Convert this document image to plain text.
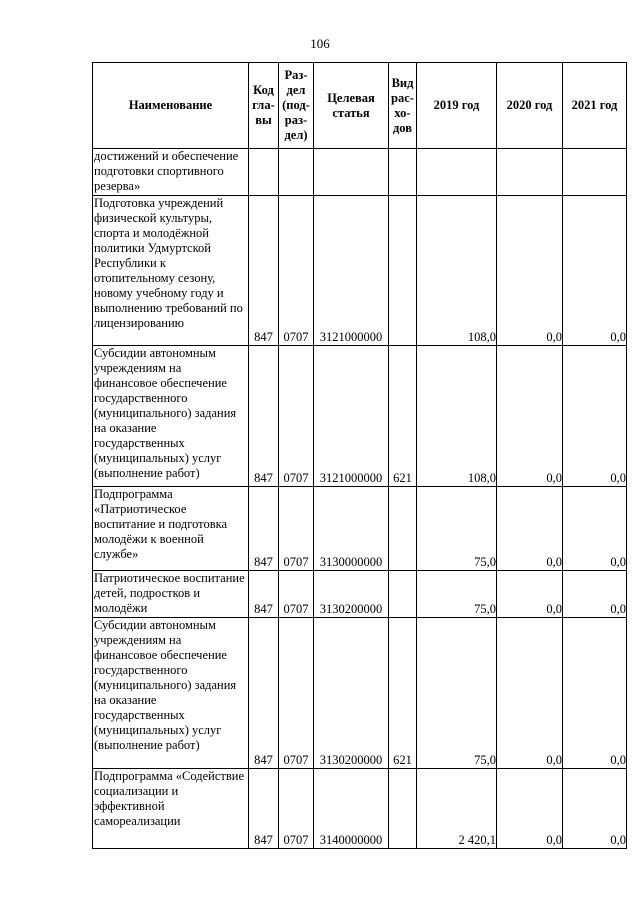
106
Наименование	Код гла-вы	Раз-дел (под-раз-дел)	Целевая статья	Вид рас-хо-дов	2019 год	2020 год	2021 год
достижений и обеспечение подготовки спортивного резерва»							
Подготовка учреждений физической культуры, спорта и молодёжной политики Удмуртской Республики к отопительному сезону, новому учебному году и выполнению требований по лицензированию	847	0707	3121000000		108,0	0,0	0,0
Субсидии автономным учреждениям на финансовое обеспечение государственного (муниципального) задания на оказание государственных (муниципальных) услуг (выполнение работ)	847	0707	3121000000	621	108,0	0,0	0,0
Подпрограмма «Патриотическое воспитание и подготовка молодёжи к военной службе»	847	0707	3130000000		75,0	0,0	0,0
Патриотическое воспитание детей, подростков и молодёжи	847	0707	3130200000		75,0	0,0	0,0
Субсидии автономным учреждениям на финансовое обеспечение государственного (муниципального) задания на оказание государственных (муниципальных) услуг (выполнение работ)	847	0707	3130200000	621	75,0	0,0	0,0
Подпрограмма «Содействие социализации и эффективной самореализации	847	0707	3140000000		2 420,1	0,0	0,0
